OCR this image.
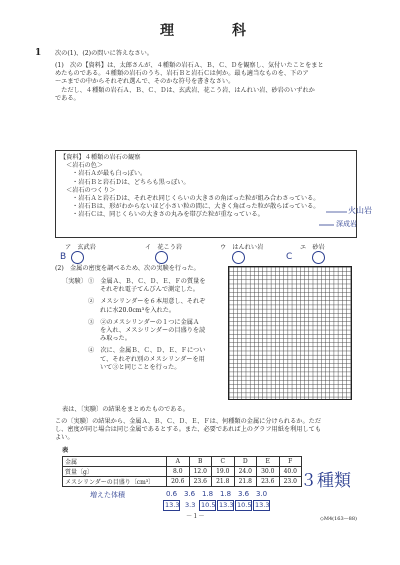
理　科
1 次の(1)、(2)の問いに答えなさい。
(1)　次の【資料】は、太郎さんが、４種類の岩石Ａ、Ｂ、Ｃ、Ｄを観察し、気付いたことをまと
めたものである。４種類の岩石のうち、岩石Ｂと岩石Ｃは何か。最も適当なものを、下のア
～エまでの中からそれぞれ選んで、そのかな符号を書きなさい。
　ただし、４種類の岩石Ａ、Ｂ、Ｃ、Ｄは、玄武岩、花こう岩、はんれい岩、砂岩のいずれか
である。
【資料】４種類の岩石の観察
＜岩石の色＞
・岩石Ａが最も白っぽい。
・岩石Ｂと岩石Ｄは、どちらも黒っぽい。
＜岩石のつくり＞
・岩石Ａと岩石Ｄは、それぞれ同じくらいの大きさの角ばった粒が組み合わさっている。
・岩石Ｂは、形がわからないほど小さい粒の間に、大きく角ばった粒が散らばっている。
・岩石Ｃは、同じくらいの大きさの丸みを帯びた粒が重なっている。	火山岩
深成岩
ア　 玄武岩	イ　 花こう岩	ウ　 はんれい岩	エ　 砂岩
B	C
(2)　金属の密度を調べるため、次の実験を行った。
〔実験〕 ①　金属Ａ、Ｂ、Ｃ、Ｄ、Ｅ、Ｆの質量を
それぞれ電子てんびんで測定した。
②　メスシリンダーを６本用意し、それぞ
れに水20.0cm³を入れた。
③　②のメスシリンダーの１つに金属Ａ
を入れ、メスシリンダーの目盛りを読
み取った。
④　次に、金属Ｂ、Ｃ、Ｄ、Ｅ、Ｆについ
て、それぞれ別のメスシリンダーを用
いて③と同じことを行った。
表は、〔実験〕の結果をまとめたものである。
この〔実験〕の結果から、金属Ａ、Ｂ、Ｃ、Ｄ、Ｅ、Ｆは、何種類の金属に分けられるか。ただ
し、密度が同じ場合は同じ金属であるとする。また、必要であれば上のグラフ用紙を利用しても
よい。
表
金属	A	B	C	D	E	F
質量〔g〕	8.0	12.0	19.0	24.0	30.0	40.0
メスシリンダーの目盛り〔cm³〕	20.6	23.6	21.8	21.8	23.6	23.0
増えた体積	0.6 3.6 1.8 1.8 3.6 3.0
13.3 3.3 10.5 13.3 10.5 13.3
３種類
－１－	◇M4(163—88)
